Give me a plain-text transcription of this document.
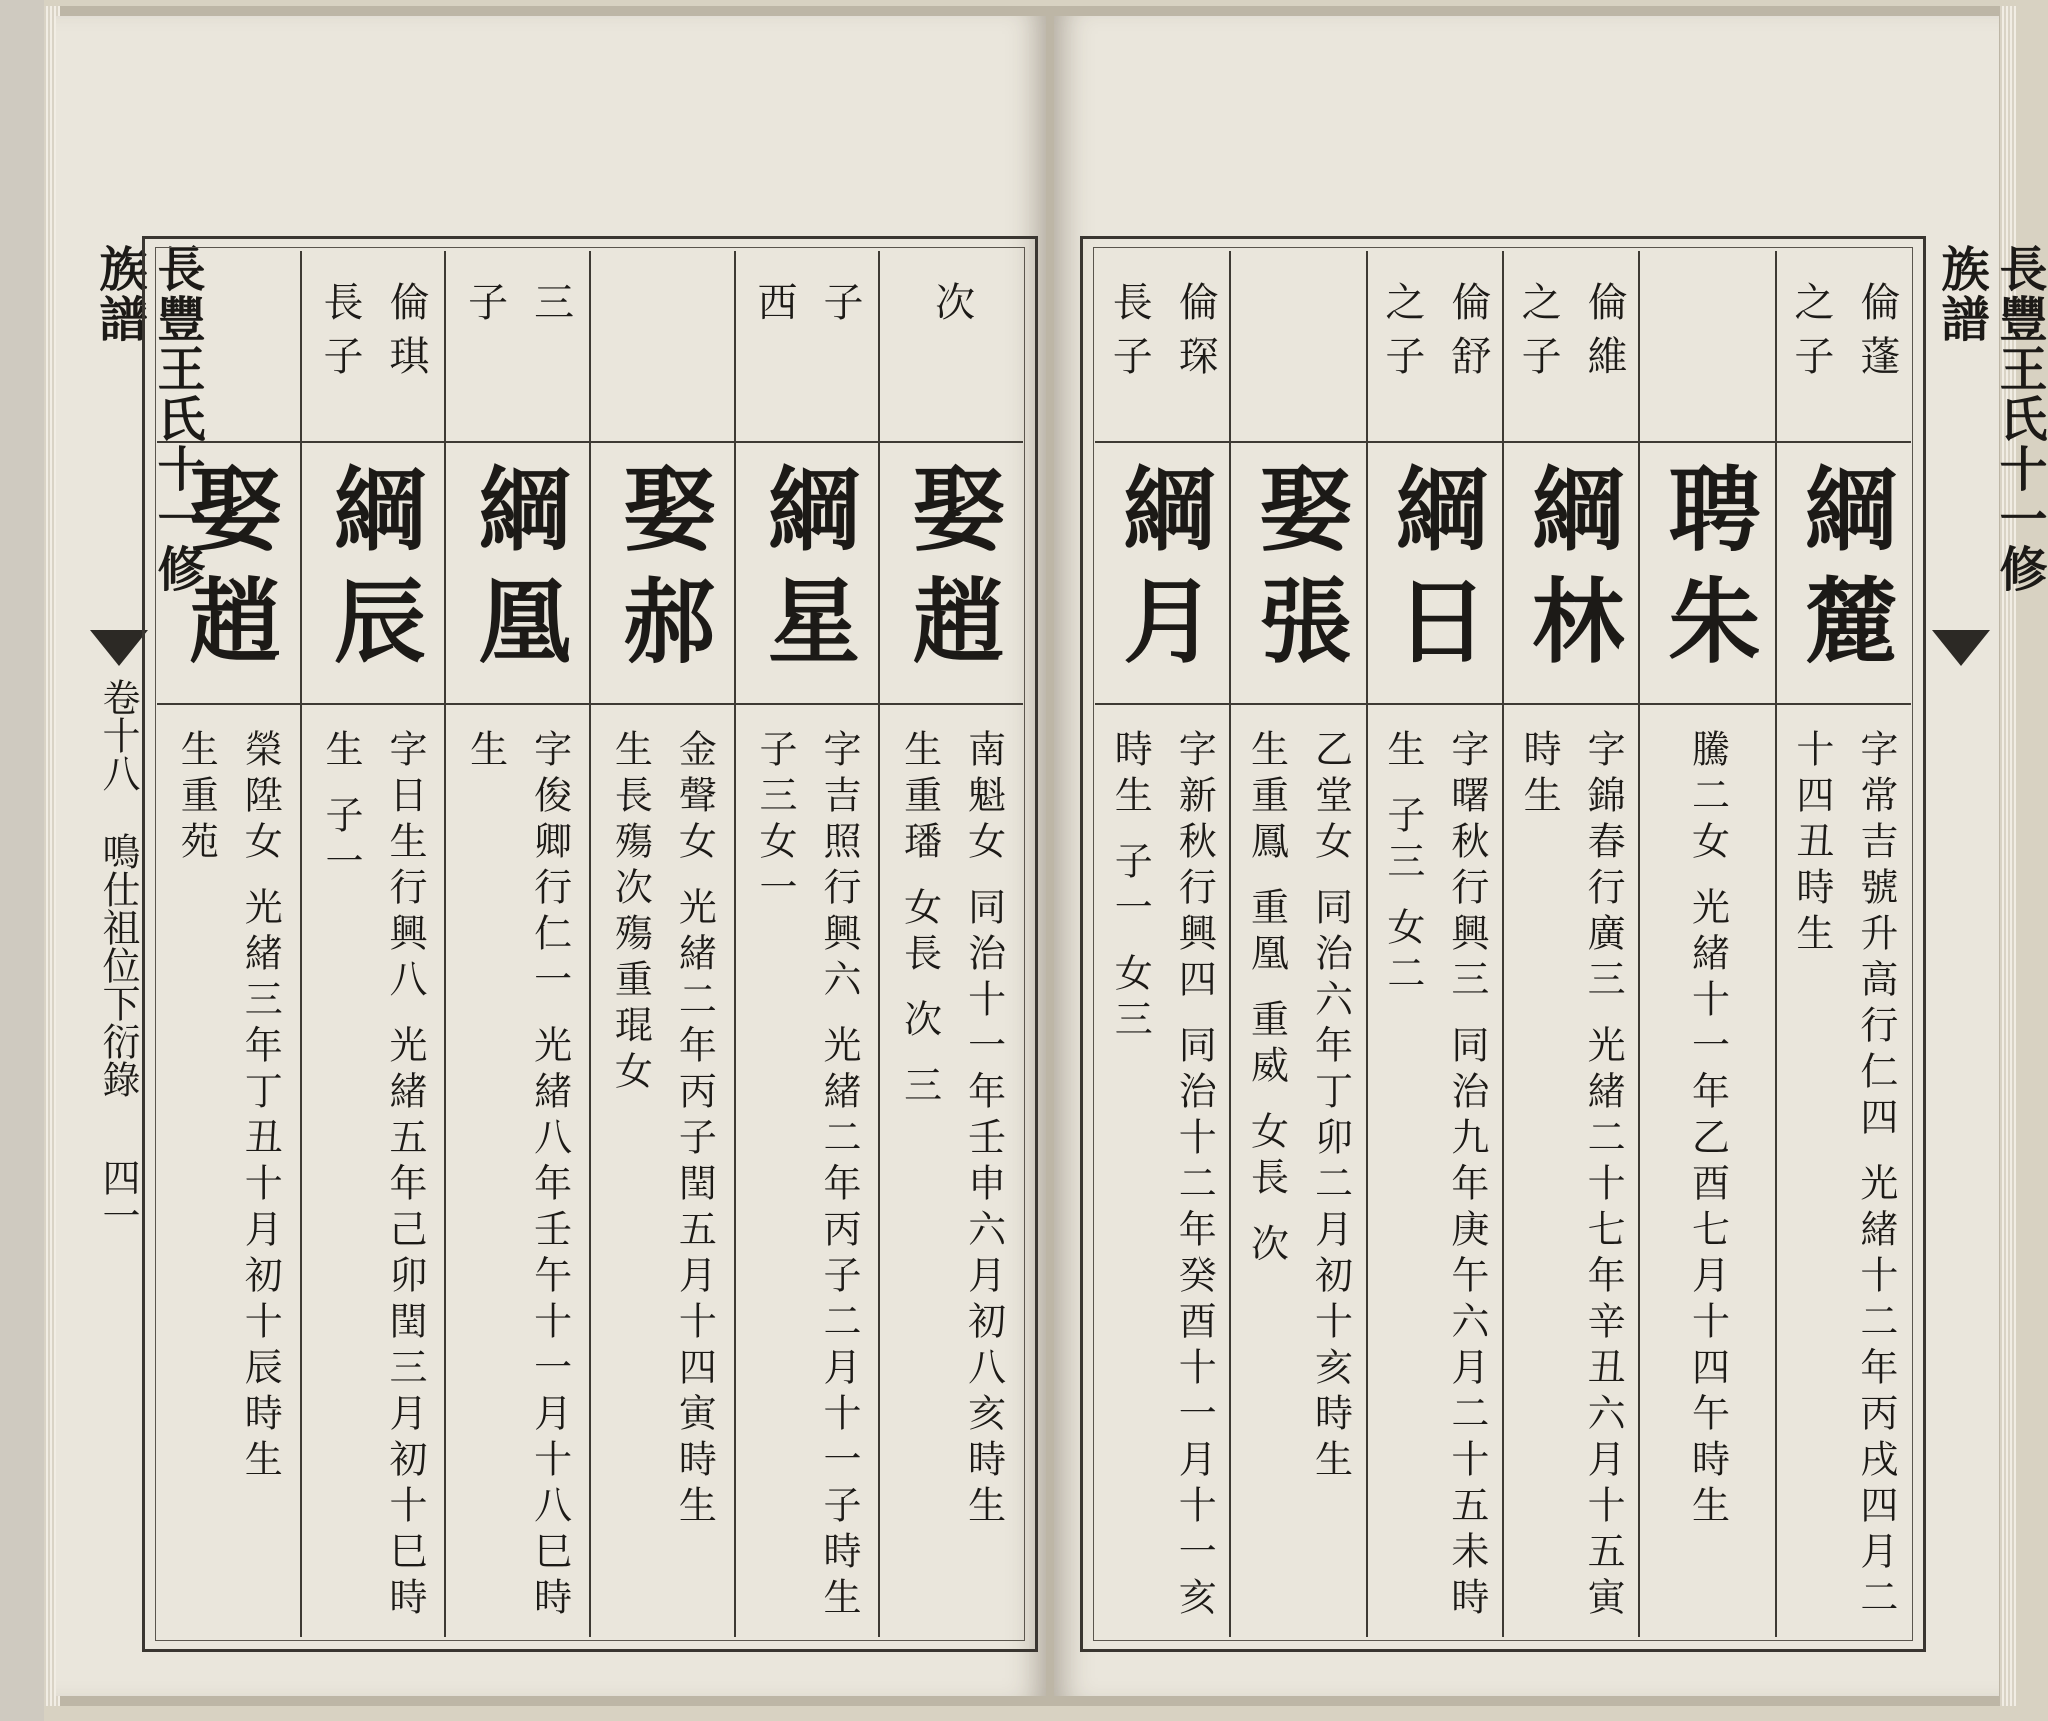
長豐王氏十一修族譜
卷十八
鳴仕祖位下衍錄
四一
次
娶趙
南魁女 同治十一年壬申六月初八亥時生
生重璠 女長 次 三
子
西
綱星
字吉照行興六 光緒二年丙子二月十一子時生
子三女一
娶郝
金聲女 光緒二年丙子閏五月十四寅時生
生長殤次殤重琨女
三
子
綱凰
字俊卿行仁一 光緒八年壬午十一月十八巳時
生
倫琪
長子
綱辰
字日生行興八 光緒五年己卯閏三月初十巳時
生 子一
娶趙
榮陞女 光緒三年丁丑十月初十辰時生
生重苑
倫蓬
之子
綱麓
字常吉號升高行仁四 光緒十二年丙戌四月二
十四丑時生
聘朱
騰二女 光緒十一年乙酉七月十四午時生
倫維
之子
綱林
字錦春行廣三 光緒二十七年辛丑六月十五寅
時生
倫舒
之子
綱日
字曙秋行興三 同治九年庚午六月二十五未時
生 子三 女二
娶張
乙堂女 同治六年丁卯二月初十亥時生
生重鳳 重凰 重威 女長 次
倫琛
長子
綱月
字新秋行興四 同治十二年癸酉十一月十一亥
時生 子一 女三
長豐王氏十一修族譜
